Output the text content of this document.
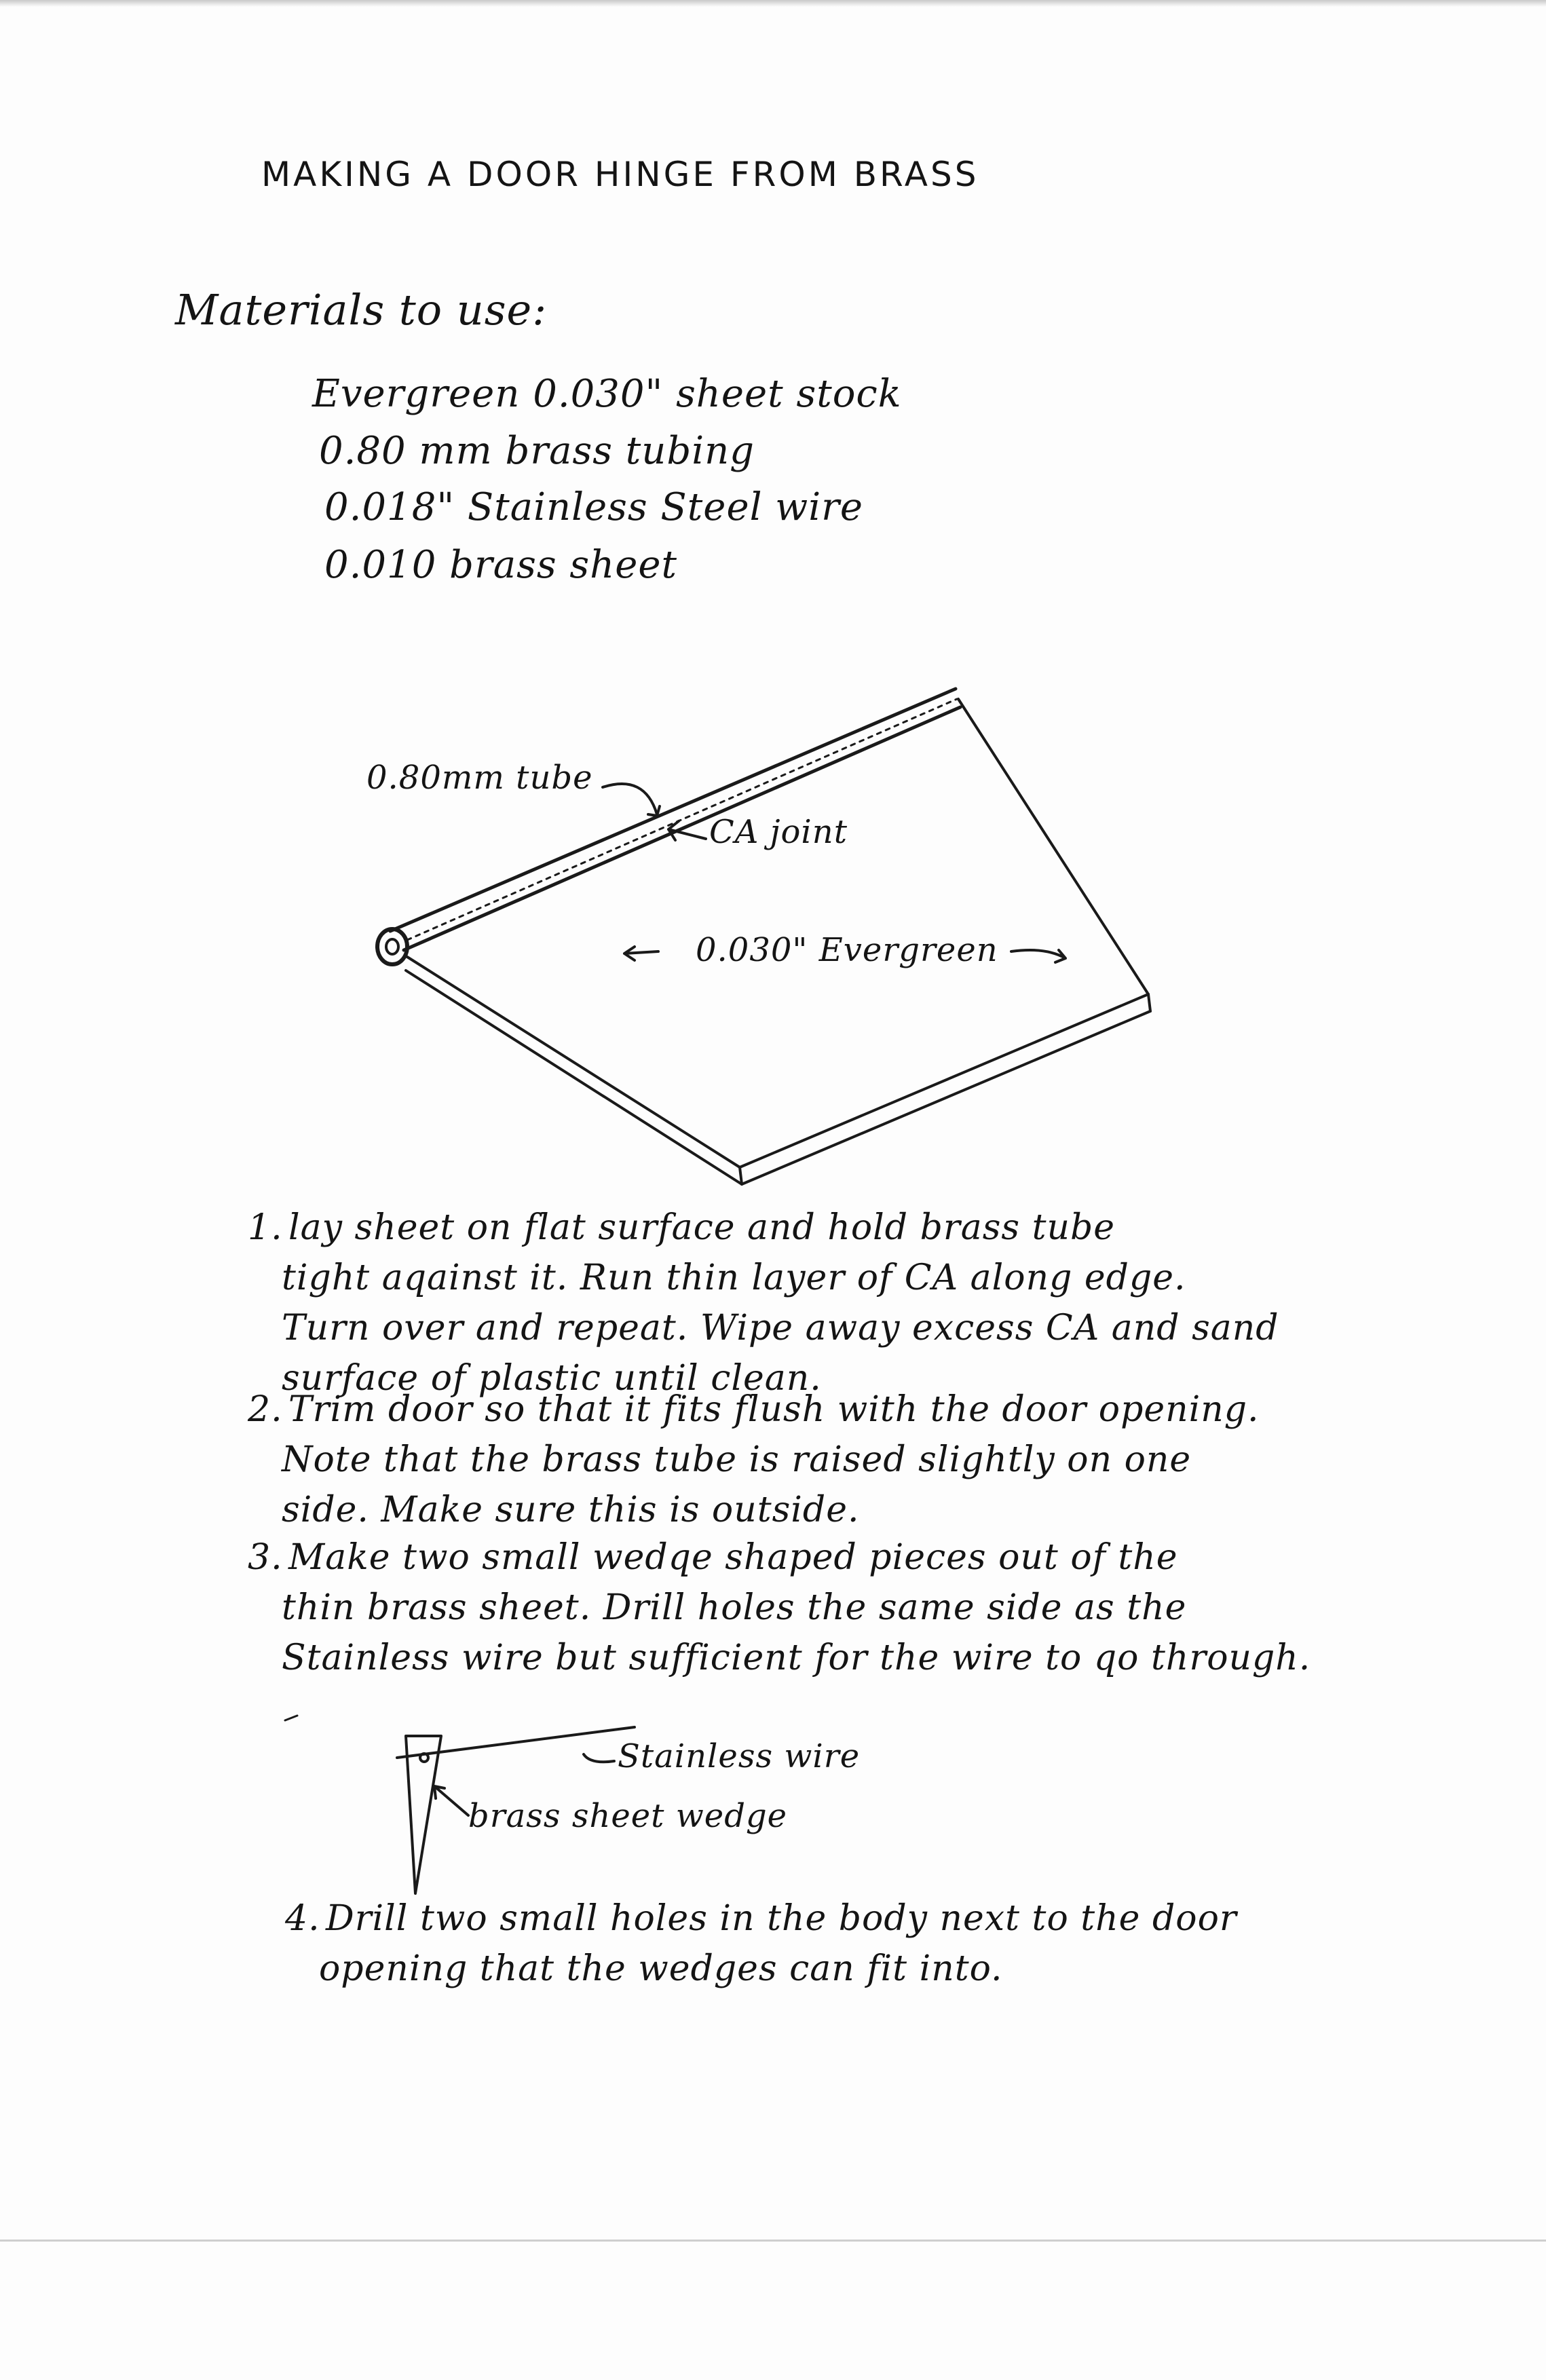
MAKING A DOOR HINGE FROM BRASS
Materials to use:
Evergreen 0.030" sheet stock
0.80 mm brass tubing
0.018" Stainless Steel wire
0.010 brass sheet
0.80mm tube
CA joint
0.030" Evergreen
1. lay sheet on flat surface and hold brass tube
tight aqainst it. Run thin layer of CA along edge.
Turn over and repeat. Wipe away excess CA and sand
surface of plastic until clean.
2. Trim door so that it fits flush with the door opening.
Note that the brass tube is raised slightly on one
side. Make sure this is outside.
3. Make two small wedqe shaped pieces out of the
thin brass sheet. Drill holes the same side as the
Stainless wire but sufficient for the wire to qo through.
Stainless wire
brass sheet wedge
4. Drill two small holes in the body next to the door
opening that the wedges can fit into.
